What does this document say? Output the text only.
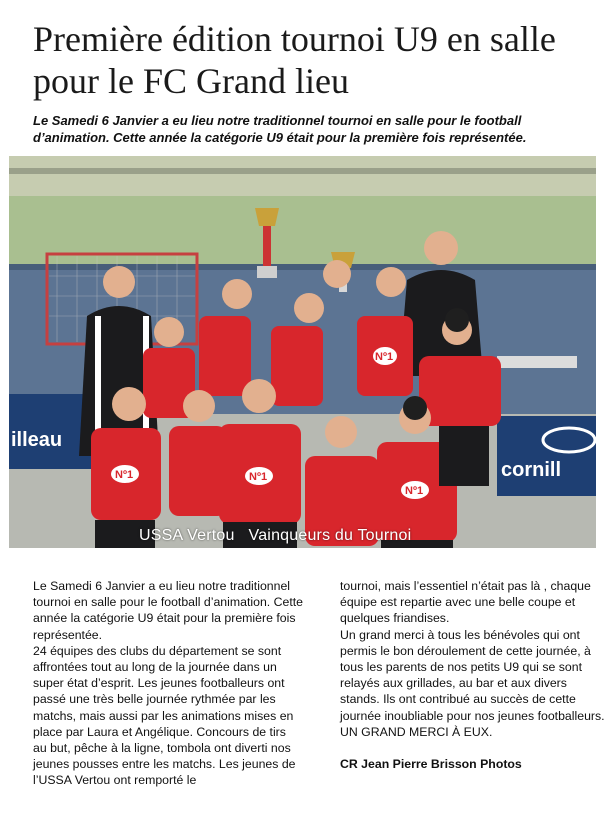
Première édition tournoi U9 en salle pour le FC Grand lieu
Le Samedi 6 Janvier a eu lieu notre traditionnel tournoi en salle pour le football d’animation. Cette année la catégorie U9 était pour la première fois représentée.
illeau
cornill
Nº1	Nº1
Nº1
Nº1
USSA Vertou   Vainqueurs du Tournoi

Le Samedi 6 Janvier a eu lieu notre traditionnel tournoi en salle pour le football d’animation. Cette année la catégorie U9 était pour la première fois représentée.

24 équipes des clubs du département se sont affrontées tout au long de la journée dans un super état d’esprit. Les jeunes footballeurs ont passé une très belle journée rythmée par les matchs, mais aussi par les animations mises en place par Laura et Angélique. Concours de tirs au but, pêche à la ligne, tombola ont diverti nos jeunes pousses entre les matchs. Les jeunes de l’USSA Vertou ont remporté le

tournoi, mais l’essentiel n’était pas là , chaque équipe est repartie avec une belle coupe et quelques friandises.

Un grand merci à tous les bénévoles qui ont permis le bon déroulement de cette journée, à tous les parents de nos petits U9 qui se sont relayés aux grillades, au bar et aux divers stands. Ils ont contribué au succès de cette journée inoubliable pour nos jeunes footballeurs.

UN GRAND MERCI À EUX.

CR Jean Pierre Brisson Photos
